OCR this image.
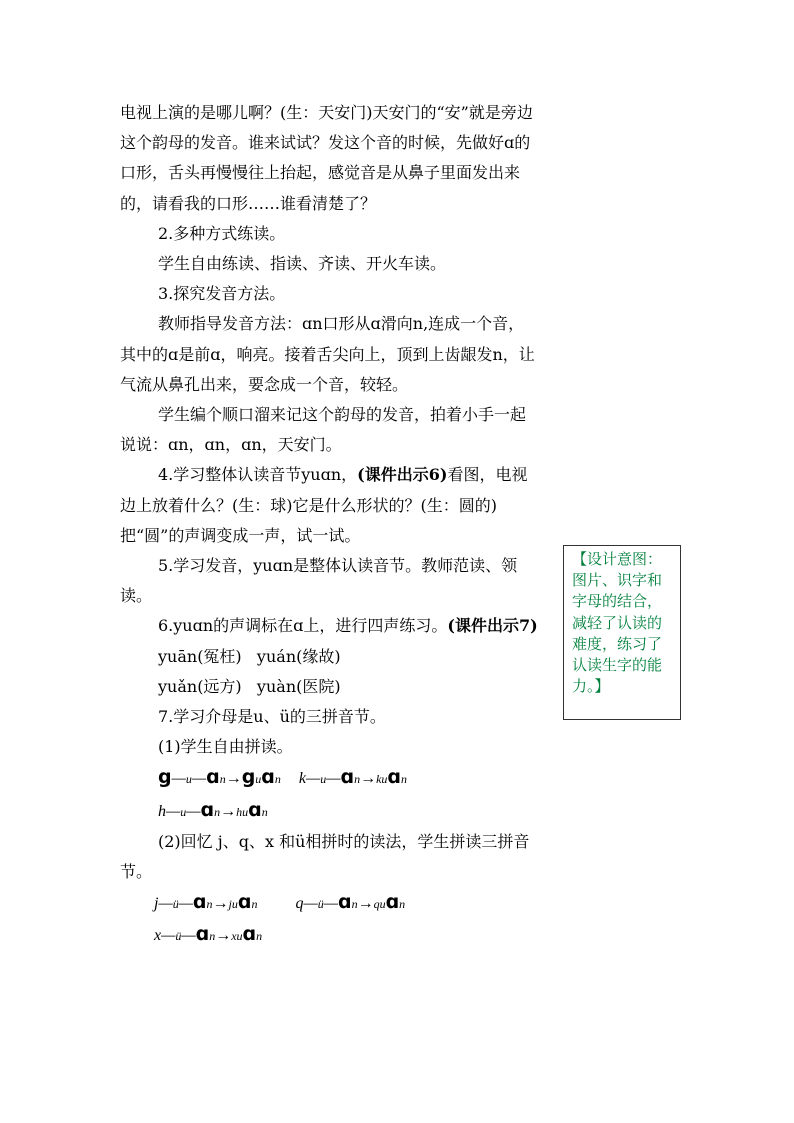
电视上演的是哪儿啊？(生：天安门)天安门的“安”就是旁边这个韵母的发音。谁来试试？发这个音的时候，先做好ɑ的口形，舌头再慢慢往上抬起，感觉音是从鼻子里面发出来的，请看我的口形……谁看清楚了？

2.多种方式练读。

学生自由练读、指读、齐读、开火车读。

3.探究发音方法。

教师指导发音方法：ɑn口形从ɑ滑向n,连成一个音，其中的ɑ是前ɑ，响亮。接着舌尖向上，顶到上齿龈发n，让气流从鼻孔出来，要念成一个音，较轻。

学生编个顺口溜来记这个韵母的发音，拍着小手一起说说：ɑn，ɑn，ɑn，天安门。

4.学习整体认读音节yuɑn，(课件出示6)看图，电视边上放着什么？(生：球)它是什么形状的？(生：圆的)把“圆”的声调变成一声，试一试。

5.学习发音，yuɑn是整体认读音节。教师范读、领读。

6.yuɑn的声调标在ɑ上，进行四声练习。(课件出示7)

yuān(冤枉)   yuán(缘故)

yuǎn(远方)   yuàn(医院)

7.学习介母是u、ü的三拼音节。

(1)学生自由拼读。

g—u—ɑn→guɑn k—u—ɑn→kuɑn

h—u—ɑn→huɑn

(2)回忆 j、q、x 和ü相拼时的读法，学生拼读三拼音节。

j—ü—ɑn→juɑn q—ü—ɑn→quɑn

x—ü—ɑn→xuɑn

【设计意图：图片、识字和字母的结合，减轻了认读的难度，练习了认读生字的能力。】
